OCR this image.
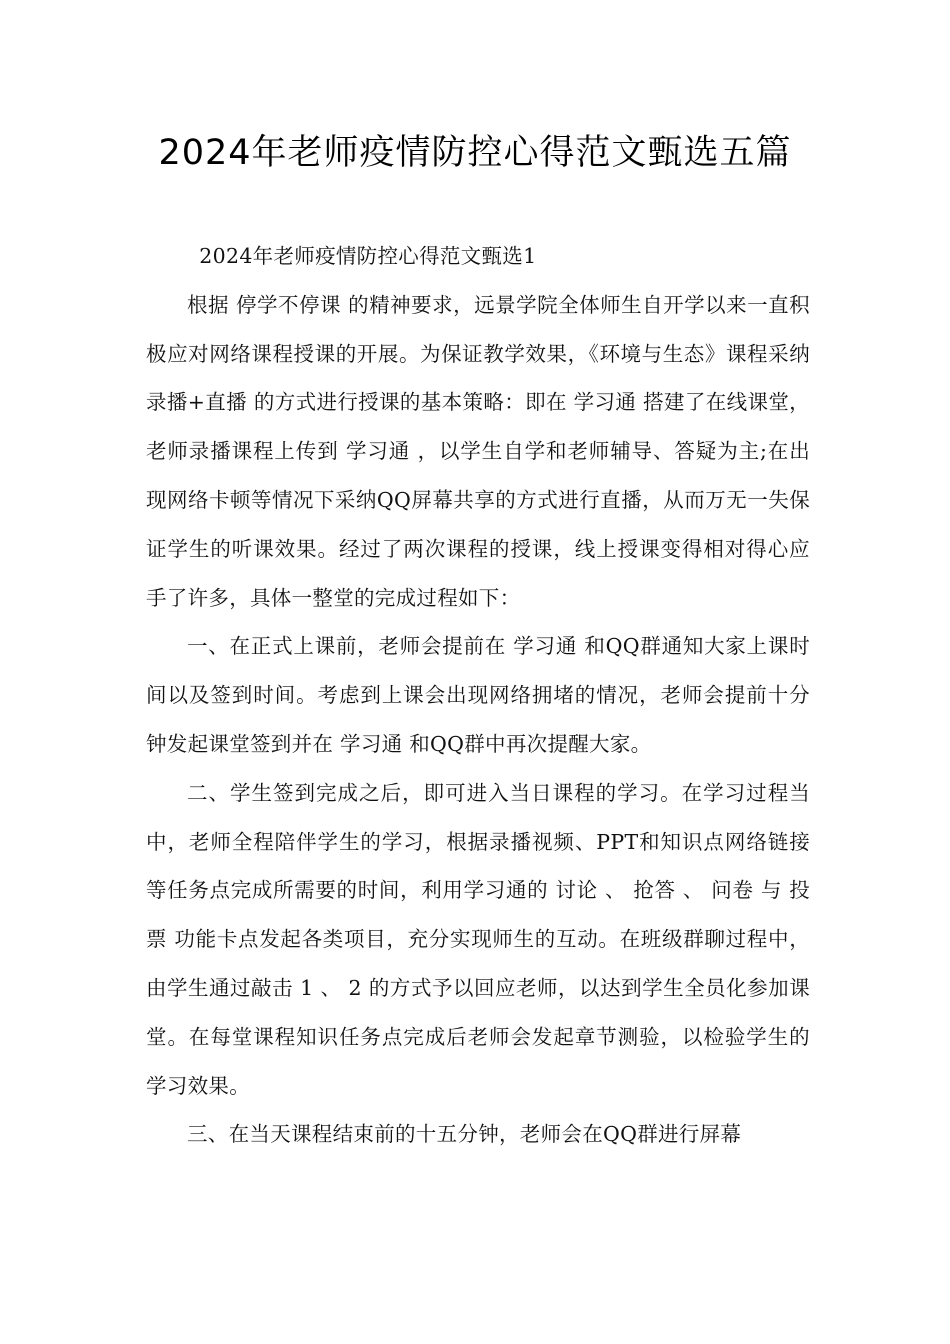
2024年老师疫情防控心得范文甄选五篇

2024年老师疫情防控心得范文甄选1

根据 停学不停课 的精神要求，远景学院全体师生自开学以来一直积极应对网络课程授课的开展。为保证教学效果，《环境与生态》课程采纳 录播+直播 的方式进行授课的基本策略：即在 学习通 搭建了在线课堂，老师录播课程上传到 学习通 ，以学生自学和老师辅导、答疑为主;在出现网络卡顿等情况下采纳QQ屏幕共享的方式进行直播，从而万无一失保证学生的听课效果。经过了两次课程的授课，线上授课变得相对得心应手了许多，具体一整堂的完成过程如下：

一、在正式上课前，老师会提前在 学习通 和QQ群通知大家上课时间以及签到时间。考虑到上课会出现网络拥堵的情况，老师会提前十分钟发起课堂签到并在 学习通 和QQ群中再次提醒大家。

二、学生签到完成之后，即可进入当日课程的学习。在学习过程当中，老师全程陪伴学生的学习，根据录播视频、PPT和知识点网络链接等任务点完成所需要的时间，利用学习通的 讨论 、 抢答 、 问卷 与 投票 功能卡点发起各类项目，充分实现师生的互动。在班级群聊过程中，由学生通过敲击 1 、 2 的方式予以回应老师，以达到学生全员化参加课堂。在每堂课程知识任务点完成后老师会发起章节测验，以检验学生的学习效果。

三、在当天课程结束前的十五分钟，老师会在QQ群进行屏幕
